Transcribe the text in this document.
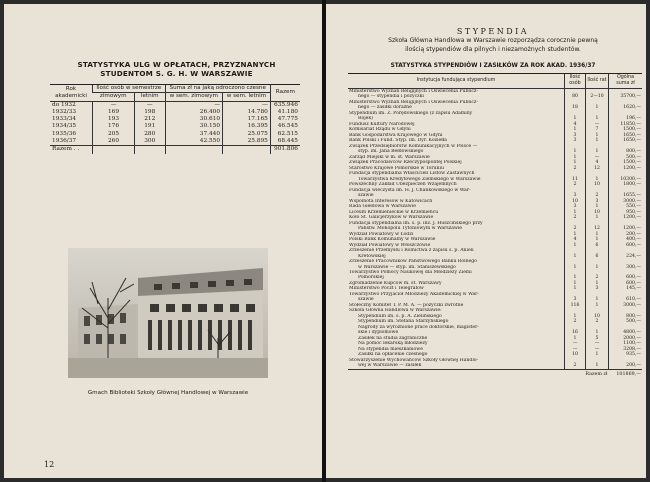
STATYSTYKA ULG W OPŁATACH, PRZYZNANYCH
STUDENTOM S. G. H. W WARSZAWIE
Rok akademicki	Ilość osób w semestrze		Suma zł na jaką odroczono czesne		Razem
	zimowym	letnim	w sem. zimowym	w sem. letnim	
do 1932	—	—	—	—	635.946
1932/33	169	198	26.400	14.780	41.180
1933/34	193	212	30.610	17.165	47.775
1934/35	176	191	30.150	16.395	46.545
1935/36	205	280	37.440	25.075	62.515
1936/37	260	300	42.550	25.895	68.445
Razem . .					901.806
Gmach Biblioteki Szkoły Głównej Handlowej w Warszawie
12
STYPENDIA
Szkoła Główna Handlowa w Warszawie rozporządza corocznie pewną
ilością stypendiów dla pilnych i niezamożnych studentów.
STATYSTYKA STYPENDIÓW I ZASIŁKÓW ZA ROK AKAD. 1936/37
Instytucja fundująca stypendium	Ilość osób	Ilość rat	Ogólna suma zł
Ministerstwo Wyznań Religijnych i Oświecenia Publicz-			
nego — stypendia i pożyczki	80	2—10	35700,—
Ministerstwo Wyznań Religijnych i Oświecenia Publicz-			
nego — zasiłki doraźne	18	1	1620,—
Stypendium im. Z. Porędowskiego (z zapisu Adaminy			
Rojek)	1	1	196,—
Fundusz Kultury Narodowej	4	—	11850,—
Komisariat Rządu w Gdyni	1	7	1500,—
Bank Gospodarstwa Krajowego w Gdyni	3	1	1650,—
Bank Polski i Fund. Styp. im. Dyr. Koziełła	3	1	1650,—
Związek Przedsiębiorstw Komunikacyjnych w Polsce —			
styp. im. Jana Bełdowskiego	1	1	800,—
Zarząd Miejski w m. st. Warszawie	1	—	500,—
Związek Pracodawców Rzeczypospolitej Polskiej	1	4	1500,—
Starostwo Krajowe Pomorskie w Toruniu	2	12	1200,—
Fundacja stypendialna Właścicieli Listów Zastawnych			
Towarzystwa Kredytowego Ziemskiego w Warszawie	11	1	10300,—
Powszechny Zakład Ubezpieczeń Wzajemnych	2	10	1800,—
Fundacja wieczysta im. H. J. Chankowskiego w War-			
szawie	3	2	1655,—
Wspólnota Interesów w Katowicach	10	3	3000,—
Rada Giełdowa w Warszawie	3	1	550,—
Liceum Krzemienieckie w Krzemieńcu	1	10	950,—
Koło St. Galicjerzyków w Warszawie	2	1	1200,—
Fundacja stypendialna im. ś. p. inż. J. Huszcińskiego przy			
Państw. Monopolu Tytoniowym w Warszawie	2	12	1200,—
Wydział Powiatowy w Łodzi	1	1	200,—
Polski Bank Komunalny w Warszawie	4	1	400,—
Wydział Powiatowy w Włoszczowie	1	6	600,—
Zrzeszenie Przemysłu i Rolnictwa z zapisu ś. p. Anieli			
Kretowskiej	1	6	224,—
Zrzeszenie Pracowników Państwowego Banku Rolnego			
w Warszawie — styp. im. Staniszewskiego	1	1	300,—
Towarzystwo Pomocy Naukowej dla Młodzieży Ziemi			
Pomorskiej	1	2	600,—
Zgromadzenie Kupców m. st. Warszawy	1	1	600,—
Ministerstwo Poczt i Telegrafów	1	3	145,—
Towarzystwo Przyjaciół Młodzieży Akademickiej w War-			
szawie	3	1	610,—
Stołeczny Komitet T. P. M. A. — pożyczki zwrotne	116	1	3000,—
Szkoła Główna Handlowa w Warszawie:			
Stypendium im. ś. p. A. Zielińskiego	1	10	800,—
Stypendium im. Stefana Starzyńskiego	2	2	500,—
Nagrody za wyróżnione prace doktorskie, magister-			
skie i dyplomowe	16	1	4800,—
Zasiłek na studia zagraniczne	1	5	2000,—
Na pomoc lekarską młodzieży	—	—	1100,—
Na stypendia mieszkaniowe	—	—	3208,—
Zasiłki na opłacenie czesnego	10	1	935,—
Stowarzyszenie Wychowańców Szkoły Głównej Handlo-			
wej w Warszawie — zasiłek	2	1	200,—
Razem zł			101869,—
